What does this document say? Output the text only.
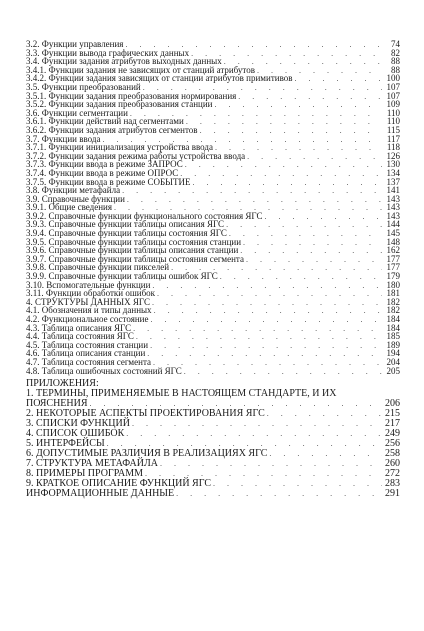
3.2. Функции управления . . .	74
3.3. Функции вывода графических данных . . .	82
3.4. Функции задания атрибутов выходных данных . . .	88
3.4.1. Функции задания не зависящих от станций атрибутов . . .	88
3.4.2. Функции задания зависящих от станции атрибутов примитивов . . .	100
3.5. Функции преобразований . . .	107
3.5.1. Функции задания преобразования нормирования . . .	107
3.5.2. Функции задания преобразования станции . . .	109
3.6. Функции сегментации . . .	110
3.6.1. Функции действий над сегментами . . .	110
3.6.2. Функции задания атрибутов сегментов . . .	115
3.7. Функции ввода . . .	117
3.7.1. Функции инициализация устройства ввода . . .	118
3.7.2. Функции задания режима работы устройства ввода . . .	126
3.7.3. Функции ввода в режиме ЗАПРОС . . .	130
3.7.4. Функции ввода в режиме ОПРОС . . .	134
3.7.5. Функции ввода в режиме СОБЫТИЕ . . .	137
3.8. Функции метафайла . . .	141
3.9. Справочные функции . . .	143
3.9.1. Общие сведения . . .	143
3.9.2. Справочные функции функционального состояния ЯГС . . .	143
3.9.3. Справочные функции таблицы описания ЯГС . . .	144
3.9.4. Справочные функции таблицы состояния ЯГС . . .	145
3.9.5. Справочные функции таблицы состояния станции . . .	148
3.9.6. Справочные функции таблицы описания станции . . .	162
3.9.7. Справочные функции таблицы состояния сегмента . . .	177
3.9.8. Справочные функции пикселей . . .	177
3.9.9. Справочные функции таблицы ошибок ЯГС . . .	179
3.10. Вспомогательные функции . . .	180
3.11. Функции обработки ошибок . . .	181
4. СТРУКТУРЫ ДАННЫХ ЯГС . . .	182
4.1. Обозначения и типы данных . . .	182
4.2. Функциональное состояние . . .	184
4.3. Таблица описания ЯГС . . .	184
4.4. Таблица состояния ЯГС . . .	185
4.5. Таблица состояния станции . . .	189
4.6. Таблица описания станции . . .	194
4.7. Таблица состояния сегмента . . .	204
4.8. Таблица ошибочных состояний ЯГС . . .	205
ПРИЛОЖЕНИЯ:
1. ТЕРМИНЫ, ПРИМЕНЯЕМЫЕ В НАСТОЯЩЕМ СТАНДАРТЕ, И ИХ
ПОЯСНЕНИЯ . . .	206
2. НЕКОТОРЫЕ АСПЕКТЫ ПРОЕКТИРОВАНИЯ ЯГС . . .	215
3. СПИСКИ ФУНКЦИЙ . . .	217
4. СПИСОК ОШИБОК . . .	249
5. ИНТЕРФЕЙСЫ . . .	256
6. ДОПУСТИМЫЕ РАЗЛИЧИЯ В РЕАЛИЗАЦИЯХ ЯГС . . .	258
7. СТРУКТУРА МЕТАФАЙЛА . . .	260
8. ПРИМЕРЫ ПРОГРАММ . . .	272
9. КРАТКОЕ ОПИСАНИЕ ФУНКЦИЙ ЯГС . . .	283
ИНФОРМАЦИОННЫЕ ДАННЫЕ . . .	291
